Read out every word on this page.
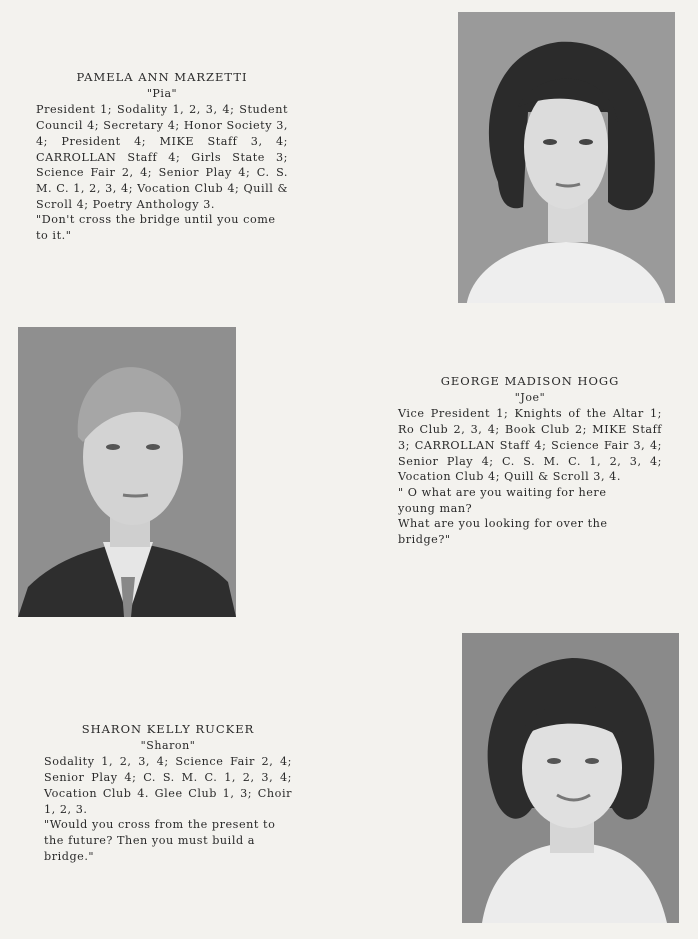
PAMELA ANN MARZETTI
"Pia"

President 1; Sodality 1, 2, 3, 4; Student Council 4; Secretary 4; Honor Society 3, 4; President 4; MIKE Staff 3, 4; CARROLLAN Staff 4; Girls State 3; Science Fair 2, 4; Senior Play 4; C. S. M. C. 1, 2, 3, 4; Vocation Club 4; Quill & Scroll 4; Poetry Anthology 3.

"Don't cross the bridge until you come to it."

GEORGE MADISON HOGG
"Joe"

Vice President 1; Knights of the Altar 1; Ro Club 2, 3, 4; Book Club 2; MIKE Staff 3; CARROLLAN Staff 4; Science Fair 3, 4; Senior Play 4; C. S. M. C. 1, 2, 3, 4; Vocation Club 4; Quill & Scroll 3, 4.

" O what are you waiting for here
young man?
What are you looking for over the
bridge?"

SHARON KELLY RUCKER
"Sharon"

Sodality 1, 2, 3, 4; Science Fair 2, 4; Senior Play 4; C. S. M. C. 1, 2, 3, 4; Vocation Club 4. Glee Club 1, 3; Choir 1, 2, 3.

"Would you cross from the present to the future? Then you must build a bridge."
